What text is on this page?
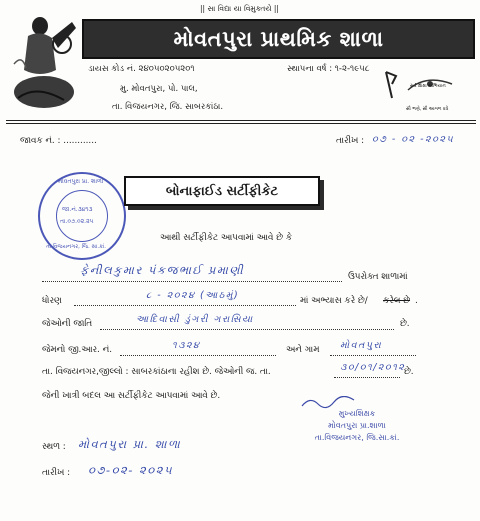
|| સા વિદ્યા યા વિમુક્તયે ||
મોવતપુરા પ્રાથમિક શાળા
ડાયસ કોડ નં. ૨૪૦૫૦૨૦૫૨૦૧	સ્થાપના વર્ષ : ૧-૨-૧૯૫૮
મુ. મોવતપુરા, પો. પાલ,
તા. વિજયનગર, જિ. સાબરકાંઠા.
સર્વ શિક્ષા અભિયાન
સૌ ભણે, સૌ આગળ વધે
જાવક નં. : ............	તારીખ : ૦૭ - ૦૨ -૨૦૨૫
મોવતપુરા પ્રા. શાળા
જા.નં.૩૪૧૩
તા.૦૭.૦૨.૨૫
તા.વિજયનગર, જિ. સા.કાં.
બોનાફાઈડ સર્ટીફીકેટ
આથી સર્ટીફીકેટ આપવામાં આવે છે કે
ફેનીલકુમાર પંકજભાઈ પ્રમાણી	ઉપરોક્ત શાળામાં
ધોરણ	૮ - ૨૦૨૪ (આઠમું)	માં અભ્યાસ કરે છે/ કરેલ છે .
જેઓની જાતિ	આદિવાસી ડુંગરી ગરાસિયા	છે.
જેમનો જી.આર. નં.	૧૩૨૪	અને ગામ મોવતપુરા
તા. વિજયનગર,જીલ્લો : સાબરકાંઠાના રહીશ છે. જેઓની જ. તા.	૩૦/૦૧/૨૦૧૨
છે.
જેની ખાત્રી બદલ આ સર્ટીફીકેટ આપવામાં આવે છે.
મુખ્યશિક્ષક
મોવતપુરા પ્રા.શાળા
તા.વિજયનગર, જિ.સા.કાં.
સ્થળ : મોવતપુરા પ્રા. શાળા
તારીખ : ૦૭-૦૨- ૨૦૨૫
